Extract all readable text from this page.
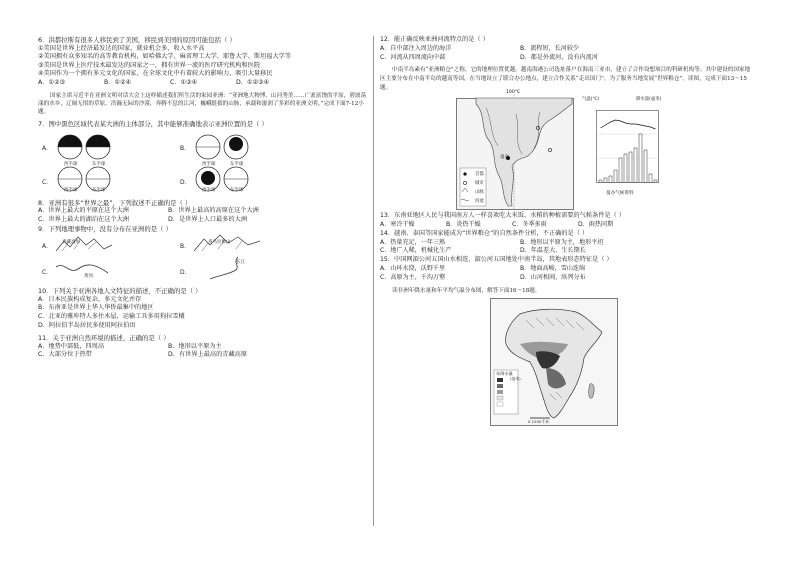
6．洪都拉斯有很多人移民到了美国，移民到美国的原因可能包括（ ）
①美国是世界上经济最发达的国家，就业机会多，收入水平高
②美国拥有众多知名的高等教育机构，如哈佛大学、麻省理工大学、耶鲁大学、斯坦福大学等
③美国是世界上医疗技术最发达的国家之一，拥有世界一流的医疗研究机构和医院
④美国作为一个拥有多元文化的国家，在全球文化中有着较大的影响力，吸引大量移民
A．①②③	B．①②④	C．①③④	D．①②③④
国家主席习近平在亚洲文明对话大会上这样描述我们所生活的家园亚洲：“亚洲地大物博、山河秀美……广袤富饶的平原，碧波荡漾的水乡，辽阔无垠的草原，浩瀚无际的沙漠，奔腾不息的江河，巍峨挺拔的山脉，承载和滋润了多彩的亚洲文明。”完成下面7-12小题。
7．图中黑色区域代表某大洲的主体部分，其中能够准确地表示亚洲位置的是（ ）
A．
西半球	东半球
B．
西半球	东半球
C．
西半球	东半球
D．
西半球	东半球
8．亚洲有很多“世界之最”，下列叙述不正确的是（ ）
A．世界上最大的平原在这个大洲	B．世界上最高的高原在这个大洲
C．世界上最大的湖泊在这个大洲	D．是世界上人口最多的大洲
9．下列地理事物中，没有分布在亚洲的是（ ）
A．
青藏高原
B．
喜马拉雅山
C．
黄河
D．
长江
10．下列关于亚洲各地人文特征的描述，不正确的是（ ）
A．日本民族构成复杂，多元文化并存
B．东南亚是世界上华人华侨最集中的地区
C．北亚的雅库特人多住木屋，运输工具多用狗拉雪橇
D．阿拉伯半岛居民多使用阿拉伯语
11．关于亚洲自然环境的描述，正确的是（ ）
A．地势中部低，四周高	B．地形以平原为主
C．大部分位于热带	D．有世界上最高的青藏高原
12．能正确反映亚洲河流特点的是（ ）
A．自中部注入周边的海洋	B．流程短，长河较少
C．河流从四周流向中部	D．都是外流河，没有内流河
中南半岛素有“亚洲粮仓”之称，它的地理位置优越。越南海港公司选址落户在海南三亚市，建立了合作设想项目的科研机构等。其中建设的国家地区主要分布在中南半岛的越南等国，在当地设立了联合办公地点，建立合作关系“走出国门”，为了服务当地发展“世界粮仓”。读图，完成下面13～15题。
100°E
曼谷
首都
城市
山脉
河流
气温(℃)	降水量(毫米)
曼谷气候资料
13．东南亚地区人民与我国南方人一样喜欢吃大米饭，水稻的种植需要的气候条件是（ ）
A．寒冷干燥	B．炎热干燥	C．冬季多雨	D．雨热同期
14．越南、泰国等国家能成为“世界粮仓”的自然条件分析，不正确的是（ ）
A．热量充足，一年三熟	B．地形以平原为主，地形平坦
C．地广人稀，机械化生产	D．年温差大，生长期长
15．中国网湄公河五国山水相连，湄公河五国地处中南半岛，其地表形态特征是（ ）
A．山环水绕，沃野千里	B．地面高峻，雪山连绵
C．高原为主，千沟万壑	D．山河相间，纵列分布
读非洲年降水量和年平均气温分布图，解答下面16～18题。
年降水量
(毫米)
0 1200千米
